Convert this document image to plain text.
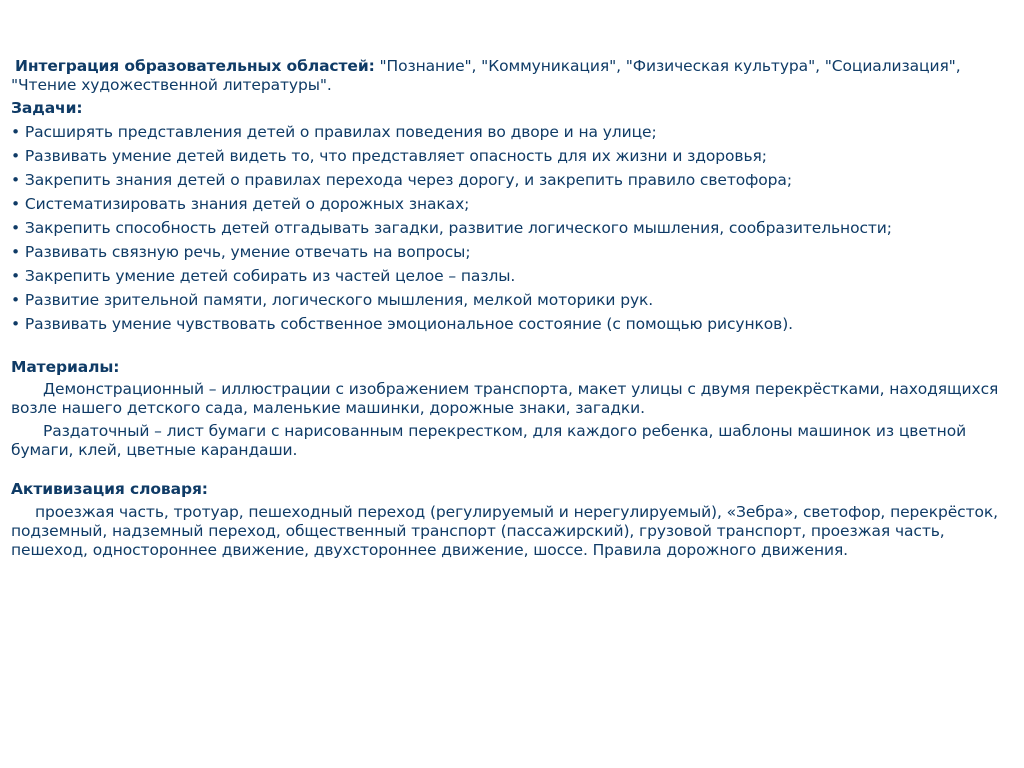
Интеграция образовательных областей: "Познание", "Коммуникация", "Физическая культура", "Социализация", "Чтение художественной литературы".

Задачи:

• Расширять представления детей о правилах поведения во дворе и на улице;
• Развивать умение детей видеть то, что представляет опасность для их жизни и здоровья;
• Закрепить знания детей о правилах перехода через дорогу, и закрепить правило светофора;
• Систематизировать знания детей о дорожных знаках;
• Закрепить способность детей отгадывать загадки, развитие логического мышления, сообразительности;
• Развивать связную речь, умение отвечать на вопросы;
• Закрепить умение детей собирать из частей целое – пазлы.
• Развитие зрительной памяти, логического мышления, мелкой моторики рук.
• Развивать умение чувствовать собственное эмоциональное состояние (с помощью рисунков).

Материалы:

Демонстрационный – иллюстрации с изображением транспорта, макет улицы с двумя перекрёстками, находящихся возле нашего детского сада, маленькие машинки, дорожные знаки, загадки.

Раздаточный – лист бумаги с нарисованным перекрестком, для каждого ребенка, шаблоны машинок из цветной бумаги, клей, цветные карандаши.

Активизация словаря:

проезжая часть, тротуар, пешеходный переход (регулируемый и нерегулируемый), «Зебра», светофор, перекрёсток, подземный, надземный переход, общественный транспорт (пассажирский), грузовой транспорт, проезжая часть, пешеход, одностороннее движение, двухстороннее движение, шоссе. Правила дорожного движения.
